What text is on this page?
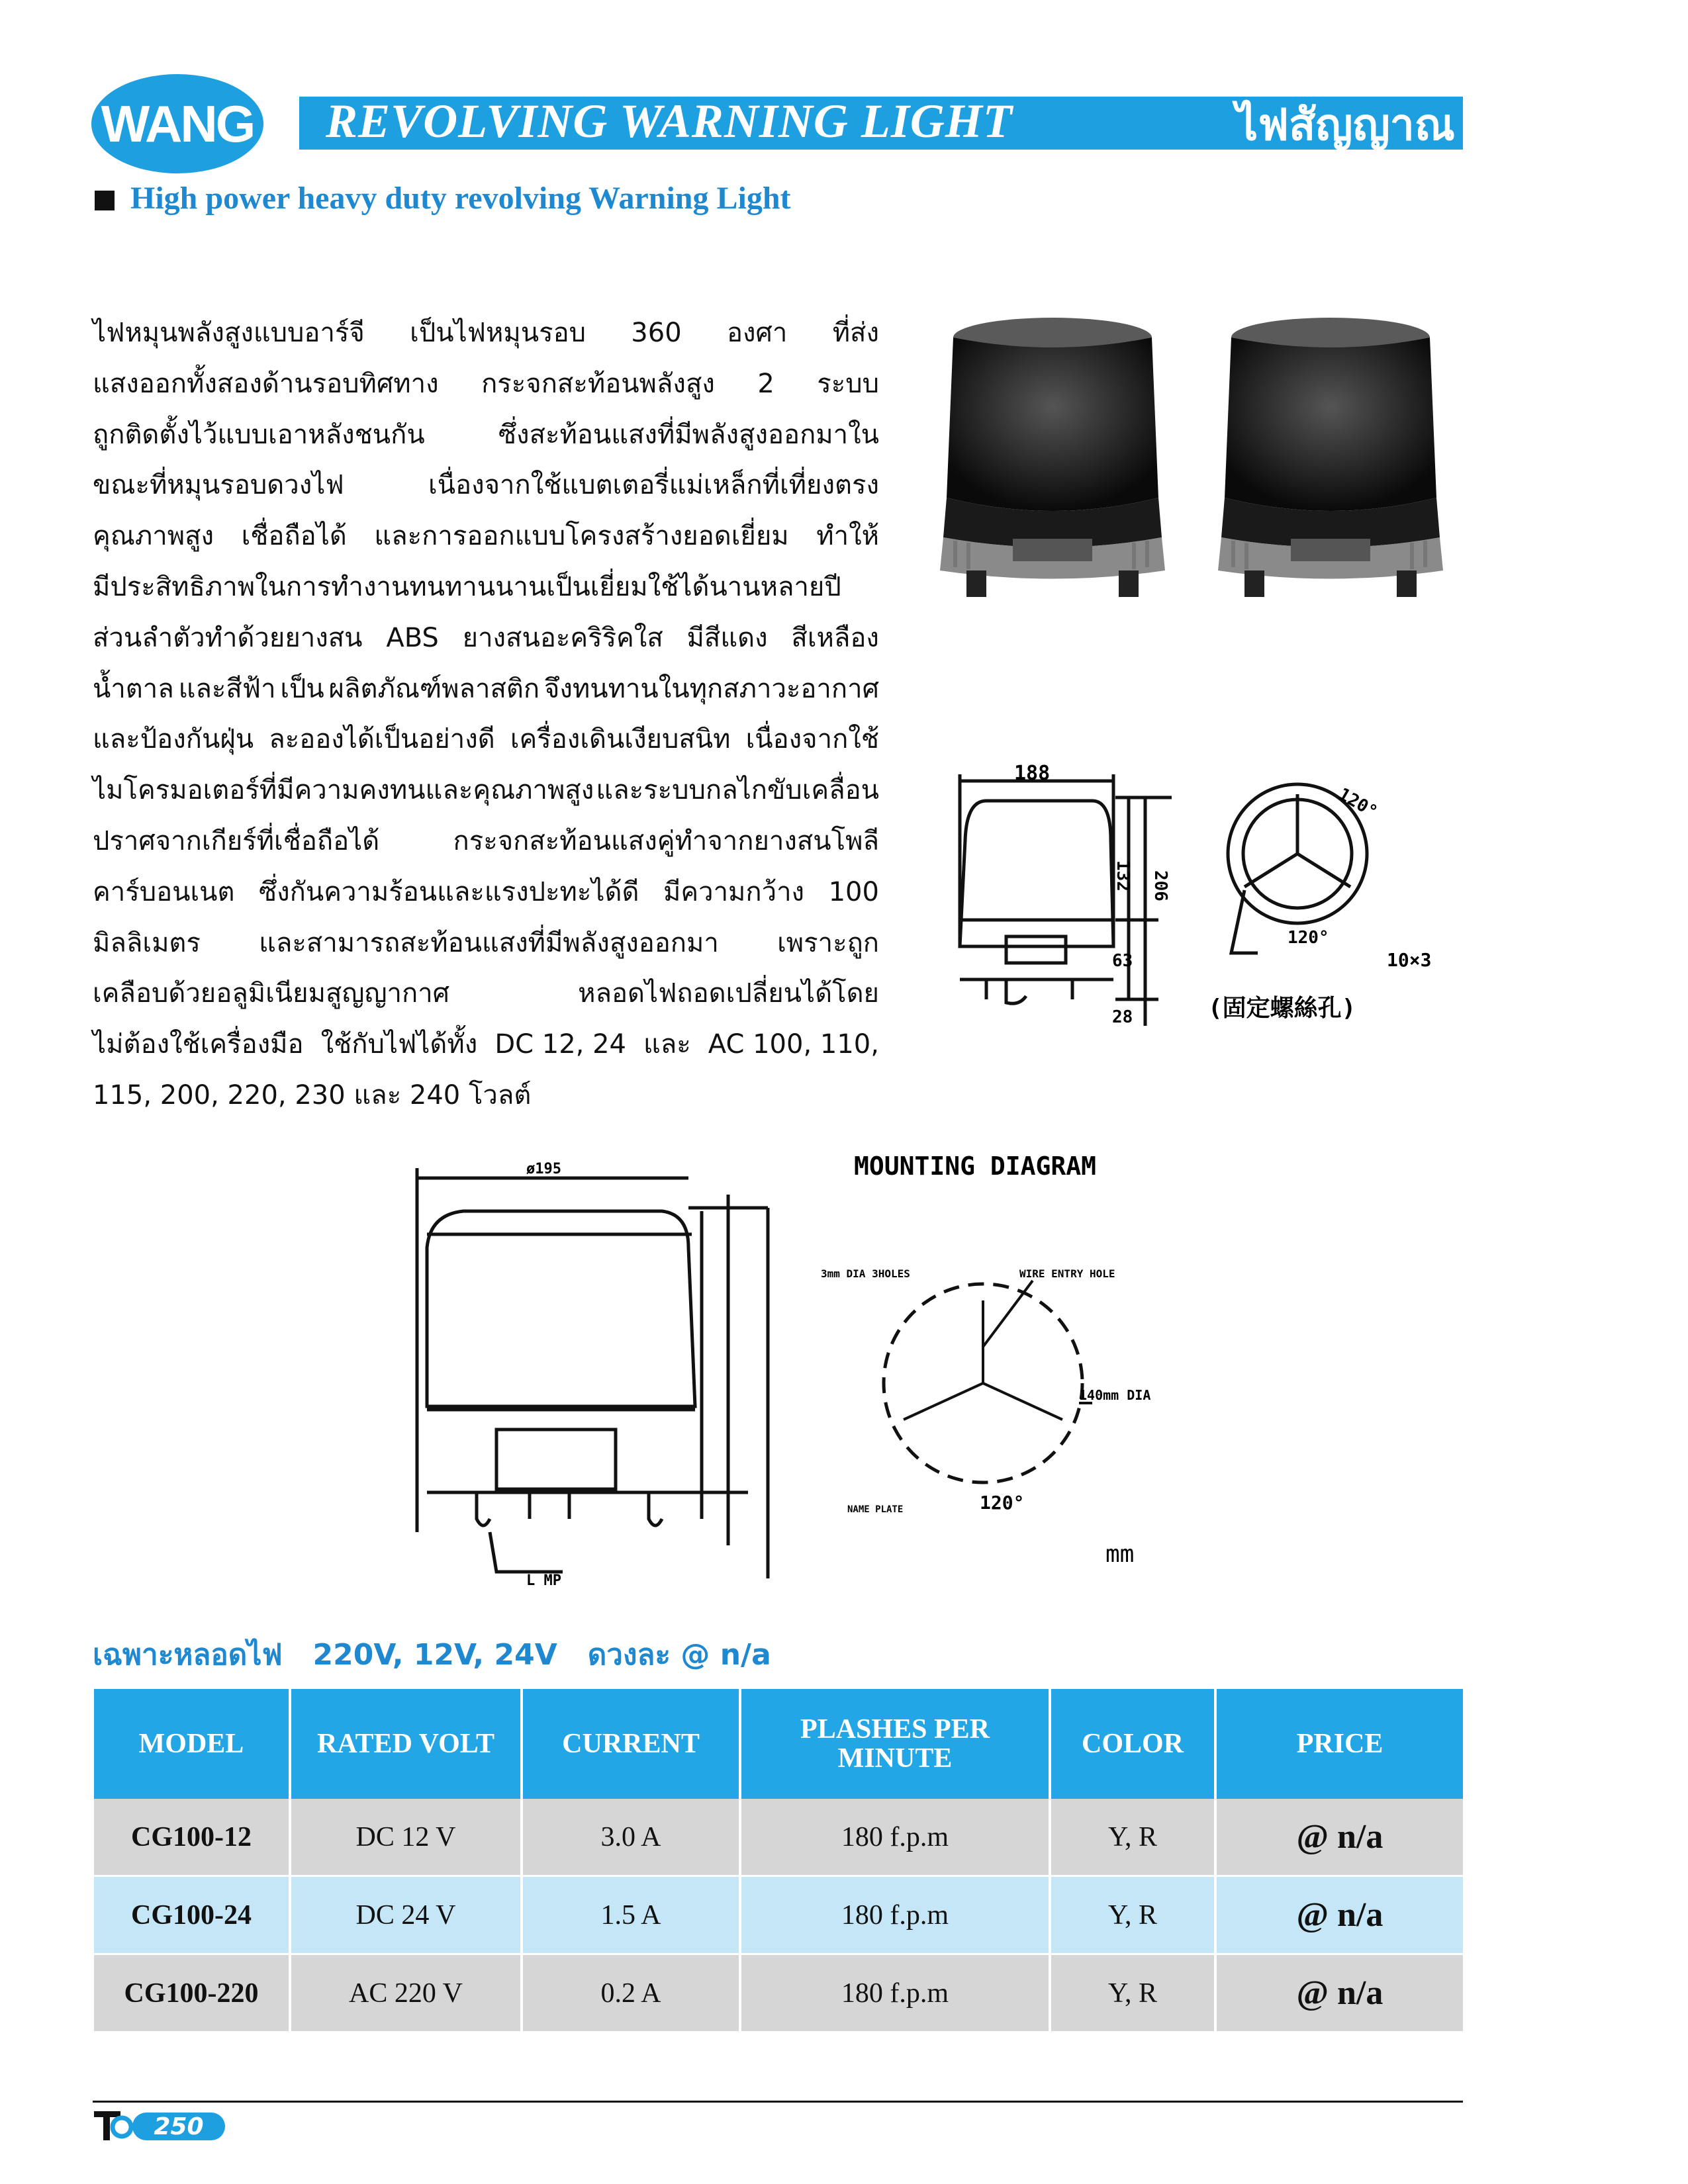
WANG REVOLVING WARNING LIGHT	ไฟสัญญาณ
High power heavy duty revolving Warning Light
ไฟหมุนพลังสูงแบบอาร์จี เป็นไฟหมุนรอบ 360 องศา ที่ส่ง
แสงออกทั้งสองด้านรอบทิศทาง กระจกสะท้อนพลังสูง 2 ระบบ
ถูกติดตั้งไว้แบบเอาหลังชนกัน	ซึ่งสะท้อนแสงที่มีพลังสูงออกมาใน
ขณะที่หมุนรอบดวงไฟ	เนื่องจากใช้แบตเตอรี่แม่เหล็กที่เที่ยงตรง
คุณภาพสูง เชื่อถือได้ และการออกแบบโครงสร้างยอดเยี่ยม ทำให้
มีประสิทธิภาพในการทำงานทนทานนานเป็นเยี่ยมใช้ได้นานหลายปี
ส่วนลำตัวทำด้วยยางสน ABS ยางสนอะคริริคใส มีสีแดง สีเหลือง
น้ำตาล และสีฟ้า เป็น ผลิตภัณฑ์พลาสติก จึงทนทานในทุกสภาวะอากาศ
และป้องกันฝุ่น ละอองได้เป็นอย่างดี เครื่องเดินเงียบสนิท เนื่องจากใช้
ไมโครมอเตอร์ที่มีความคงทนและคุณภาพสูง และระบบกลไกขับเคลื่อน
ปราศจากเกียร์ที่เชื่อถือได้	กระจกสะท้อนแสงคู่ทำจากยางสนโพลี
คาร์บอนเนต ซึ่งกันความร้อนและแรงปะทะได้ดี มีความกว้าง 100
มิลลิเมตร และสามารถสะท้อนแสงที่มีพลังสูงออกมา เพราะถูก
เคลือบด้วยอลูมิเนียมสูญญากาศ	หลอดไฟถอดเปลี่ยนได้โดย
ไม่ต้องใช้เครื่องมือ ใช้กับไฟได้ทั้ง DC 12, 24 และ AC 100, 110,
115, 200, 220, 230 และ 240 โวลต์
188
132 206
63
28
120°
120°
10×3
(固定螺絲孔)
ø195
L MP
MOUNTING DIAGRAM
3mm DIA 3HOLES	WIRE ENTRY HOLE
140mm DIA
NAME PLATE	120°
mm
เฉพาะหลอดไฟ   220V, 12V, 24V   ดวงละ @ n/a
MODEL	RATED VOLT	CURRENT	PLASHES PER MINUTE	COLOR	PRICE
CG100-12	DC 12 V	3.0 A	180 f.p.m	Y, R	@ n/a
CG100-24	DC 24 V	1.5 A	180 f.p.m	Y, R	@ n/a
CG100-220	AC 220 V	0.2 A	180 f.p.m	Y, R	@ n/a
250
